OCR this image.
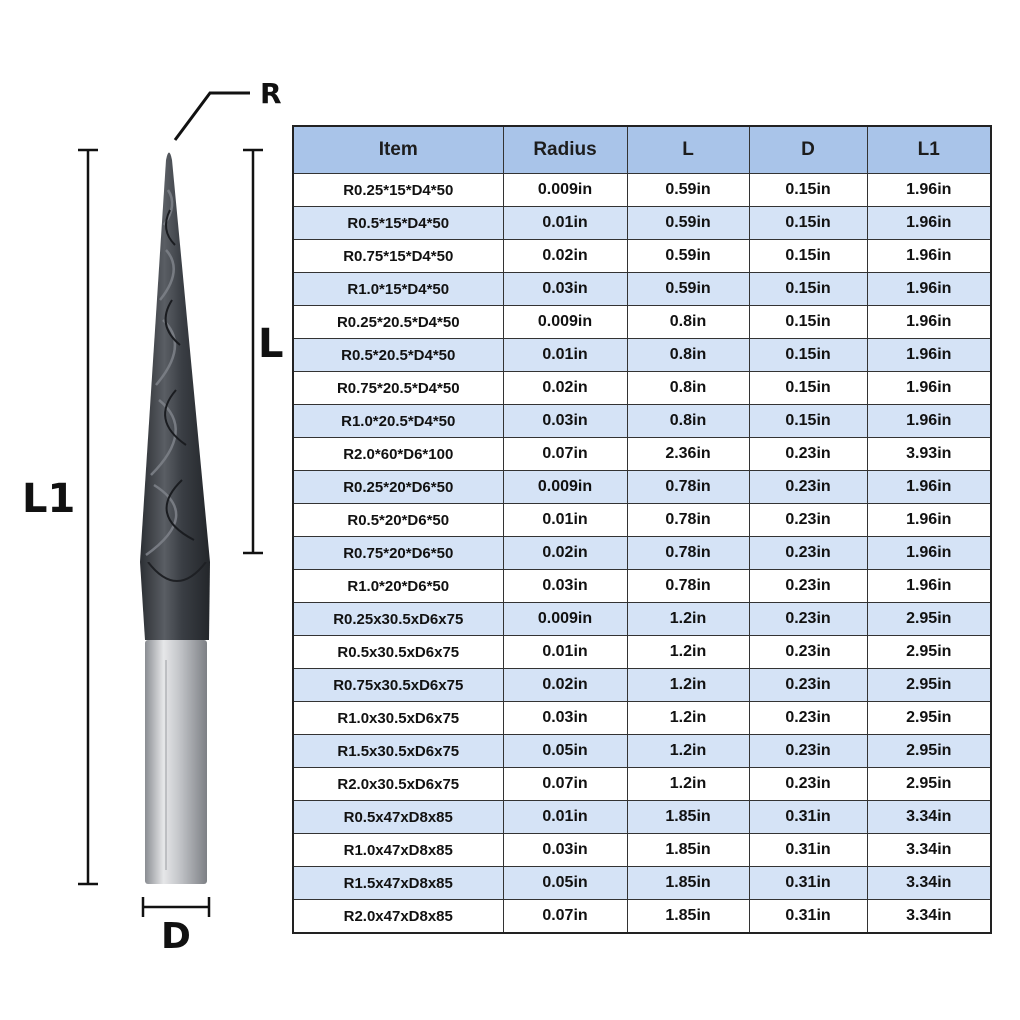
R
L1
L
D
Item	Radius	L	D	L1
R0.25*15*D4*50	0.009in	0.59in	0.15in	1.96in
R0.5*15*D4*50	0.01in	0.59in	0.15in	1.96in
R0.75*15*D4*50	0.02in	0.59in	0.15in	1.96in
R1.0*15*D4*50	0.03in	0.59in	0.15in	1.96in
R0.25*20.5*D4*50	0.009in	0.8in	0.15in	1.96in
R0.5*20.5*D4*50	0.01in	0.8in	0.15in	1.96in
R0.75*20.5*D4*50	0.02in	0.8in	0.15in	1.96in
R1.0*20.5*D4*50	0.03in	0.8in	0.15in	1.96in
R2.0*60*D6*100	0.07in	2.36in	0.23in	3.93in
R0.25*20*D6*50	0.009in	0.78in	0.23in	1.96in
R0.5*20*D6*50	0.01in	0.78in	0.23in	1.96in
R0.75*20*D6*50	0.02in	0.78in	0.23in	1.96in
R1.0*20*D6*50	0.03in	0.78in	0.23in	1.96in
R0.25x30.5xD6x75	0.009in	1.2in	0.23in	2.95in
R0.5x30.5xD6x75	0.01in	1.2in	0.23in	2.95in
R0.75x30.5xD6x75	0.02in	1.2in	0.23in	2.95in
R1.0x30.5xD6x75	0.03in	1.2in	0.23in	2.95in
R1.5x30.5xD6x75	0.05in	1.2in	0.23in	2.95in
R2.0x30.5xD6x75	0.07in	1.2in	0.23in	2.95in
R0.5x47xD8x85	0.01in	1.85in	0.31in	3.34in
R1.0x47xD8x85	0.03in	1.85in	0.31in	3.34in
R1.5x47xD8x85	0.05in	1.85in	0.31in	3.34in
R2.0x47xD8x85	0.07in	1.85in	0.31in	3.34in
